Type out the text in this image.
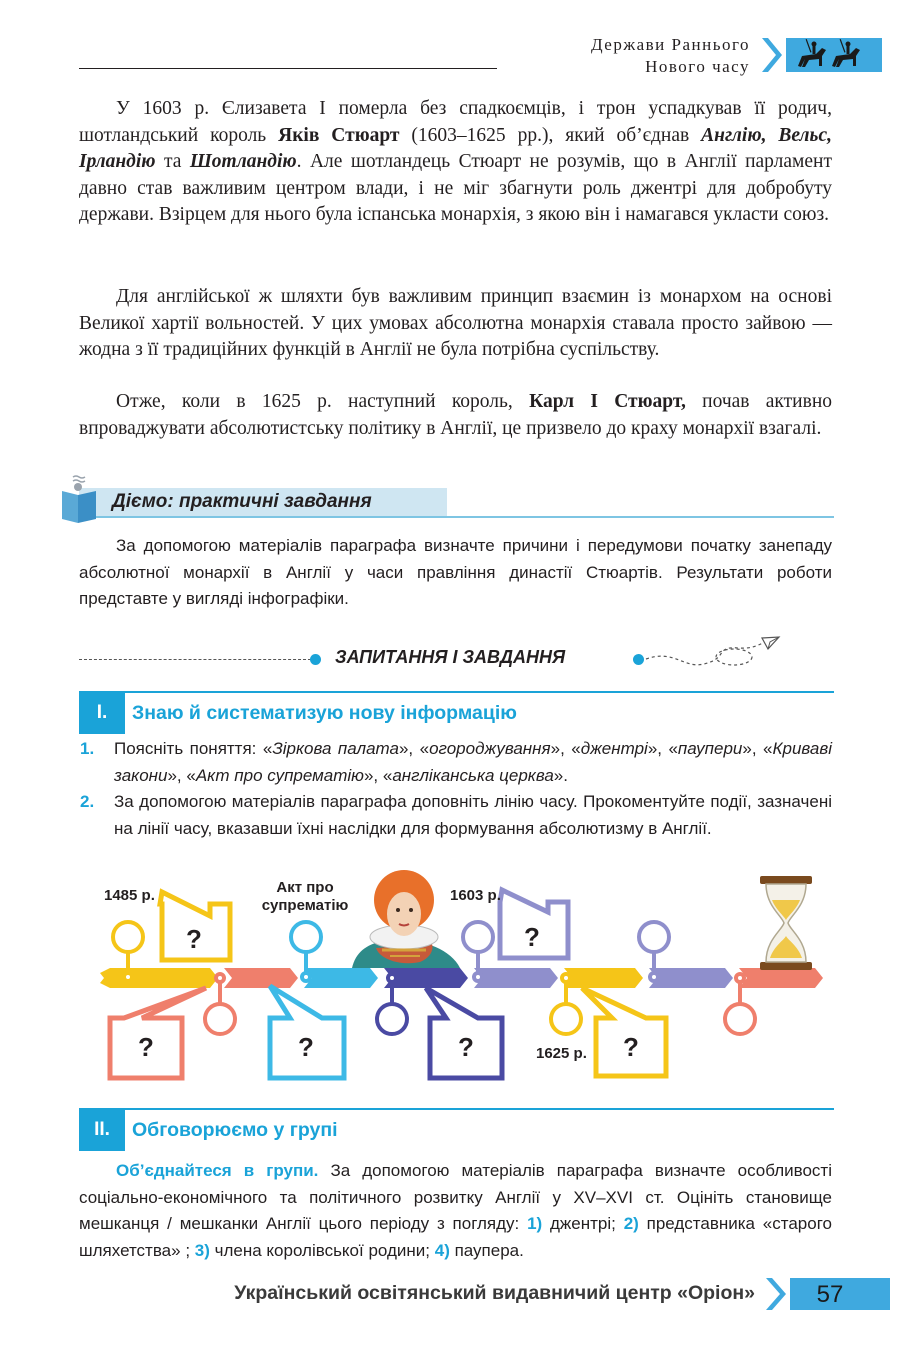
Держави Раннього
Нового часу

У 1603 р. Єлизавета І померла без спадкоємців, і трон успадкував її родич, шотландський король Яків Стюарт (1603–1625 рр.), який об’єднав Англію, Вельс, Ірландію та Шотландію. Але шотландець Стюарт не розумів, що в Англії парламент давно став важливим центром влади, і не міг збагнути роль джентрі для добробуту держави. Взірцем для нього була іспанська монархія, з якою він і намагався укласти союз.

Для англійської ж шляхти був важливим принцип взаємин із монархом на основі Великої хартії вольностей. У цих умовах абсолютна монархія ставала просто зайвою — жодна з її традиційних функцій в Англії не була потрібна суспільству.

Отже, коли в 1625 р. наступний король, Карл І Стюарт, почав активно впроваджувати абсолютистську політику в Англії, це призвело до краху монархії взагалі.

Діємо: практичні завдання

За допомогою матеріалів параграфа визначте причини і передумови початку занепаду абсолютної монархії в Англії у часи правління династії Стюартів. Результати роботи представте у вигляді інфографіки.

ЗАПИТАННЯ І ЗАВДАННЯ
I.	Знаю й систематизую нову інформацію
1. Поясніть поняття: «Зіркова палата», «огороджування», «джентрі», «паупери», «Криваві закони», «Акт про супрематію», «англіканська церква».

2. За допомогою матеріалів параграфа доповніть лінію часу. Прокоментуйте події, зазначені на лінії часу, вказавши їхні наслідки для формування абсолютизму в Англії.

?
1485 р.	Акт про
супрематію
?
1603 р.
?	?	?	?
1625 р.
II.	Обговорюємо у групі

Об’єднайтеся в групи. За допомогою матеріалів параграфа визначте особливості соціально-економічного та політичного розвитку Англії у XV–XVI ст. Оцініть становище мешканця / мешканки Англії цього періоду з погляду: 1) джентрі; 2) представника «старого шляхетства» ; 3) члена королівської родини; 4) паупера.

Український освітянський видавничий центр «Оріон»	57
